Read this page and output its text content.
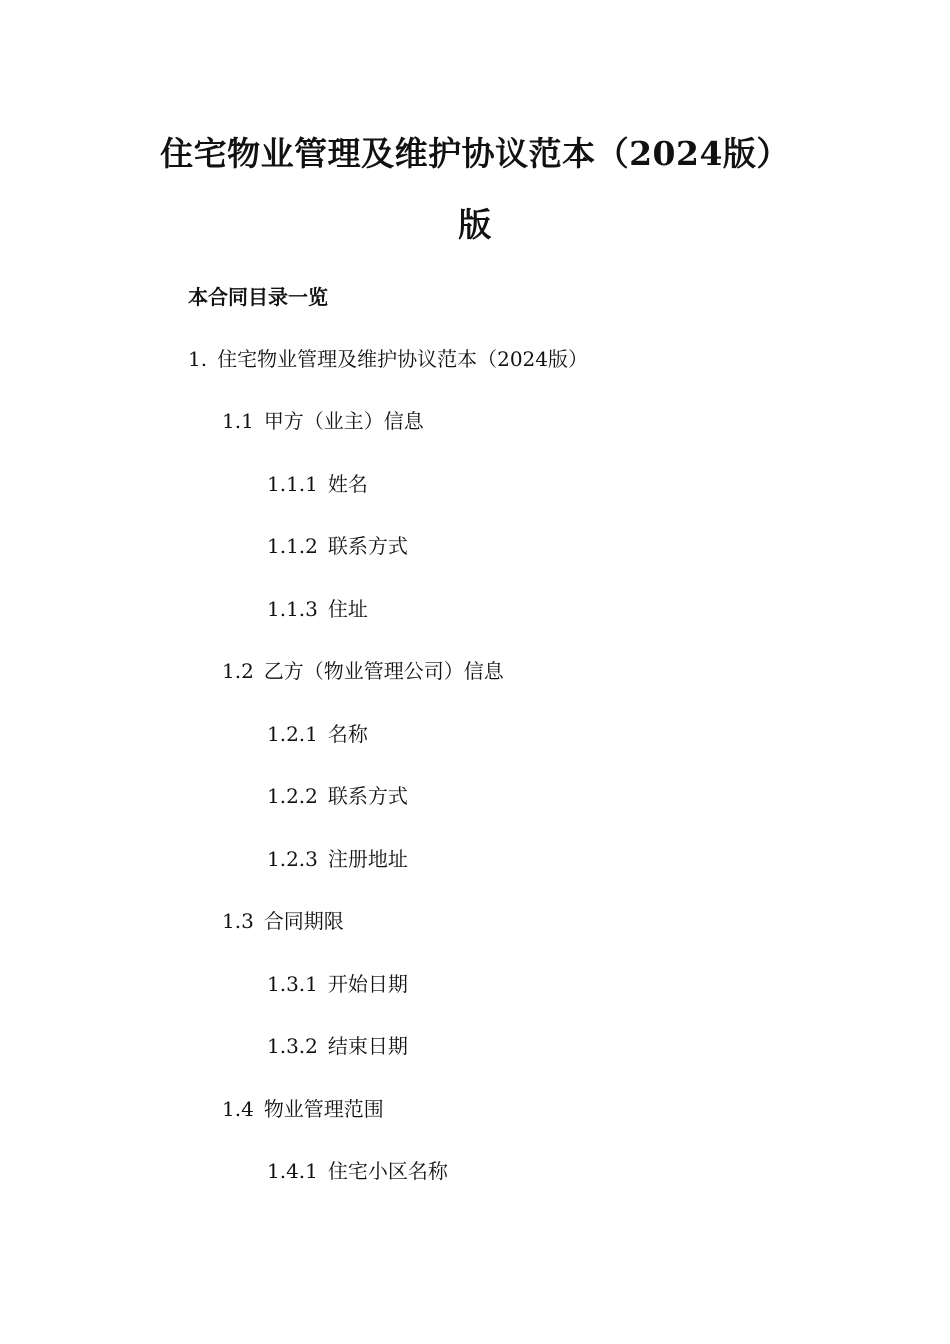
住宅物业管理及维护协议范本（2024版）
版
本合同目录一览
1. 住宅物业管理及维护协议范本（2024版）
1.1 甲方（业主）信息
1.1.1 姓名
1.1.2 联系方式
1.1.3 住址
1.2 乙方（物业管理公司）信息
1.2.1 名称
1.2.2 联系方式
1.2.3 注册地址
1.3 合同期限
1.3.1 开始日期
1.3.2 结束日期
1.4 物业管理范围
1.4.1 住宅小区名称
